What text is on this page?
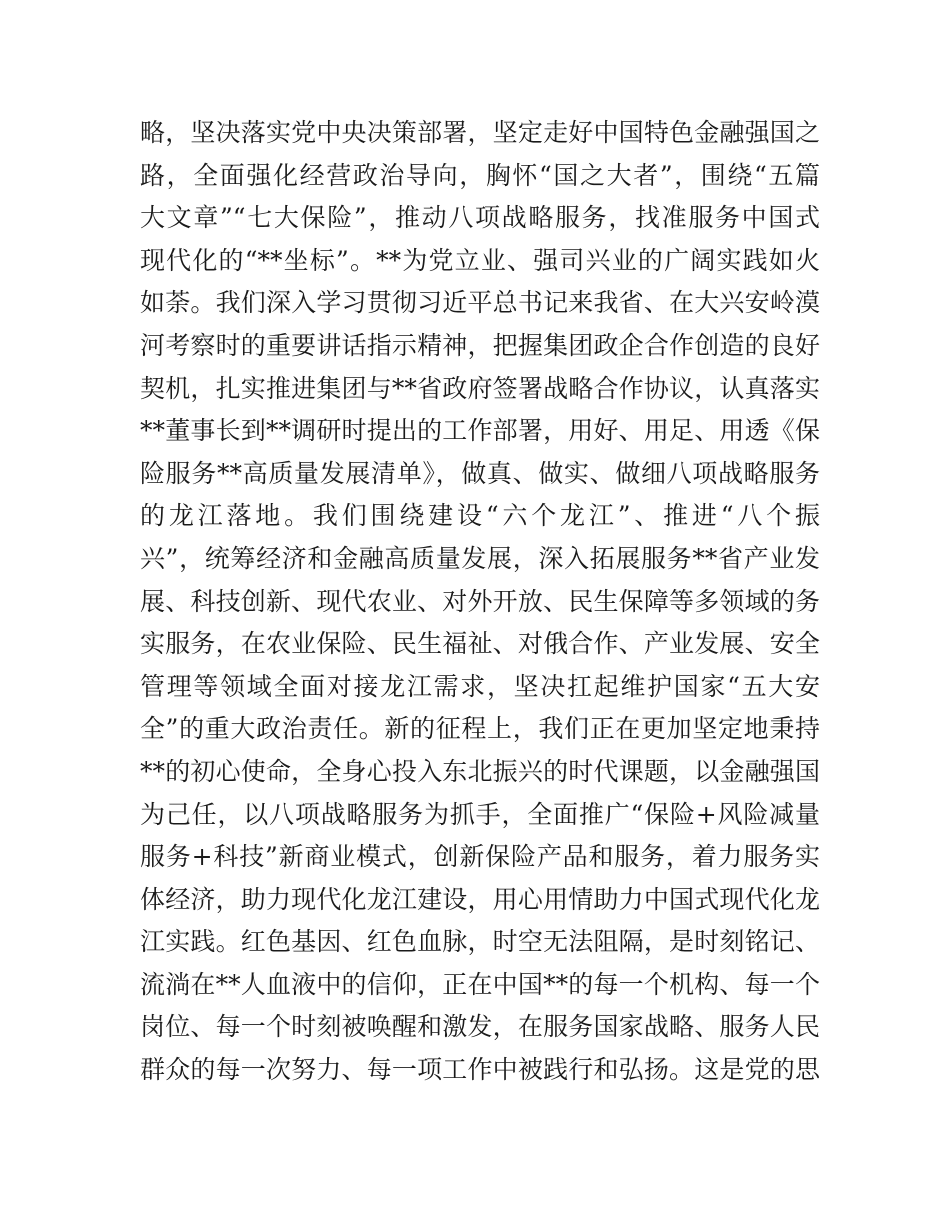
略，坚决落实党中央决策部署，坚定走好中国特色金融强国之
路，全面强化经营政治导向，胸怀“国之大者”，围绕“五篇
大文章”“七大保险”，推动八项战略服务，找准服务中国式
现代化的“**坐标”。**为党立业、强司兴业的广阔实践如火
如荼。我们深入学习贯彻习近平总书记来我省、在大兴安岭漠
河考察时的重要讲话指示精神，把握集团政企合作创造的良好
契机，扎实推进集团与**省政府签署战略合作协议，认真落实
**董事长到**调研时提出的工作部署，用好、用足、用透《保
险服务**高质量发展清单》，做真、做实、做细八项战略服务
的龙江落地。我们围绕建设“六个龙江”、推进“八个振
兴”，统筹经济和金融高质量发展，深入拓展服务**省产业发
展、科技创新、现代农业、对外开放、民生保障等多领域的务
实服务，在农业保险、民生福祉、对俄合作、产业发展、安全
管理等领域全面对接龙江需求，坚决扛起维护国家“五大安
全”的重大政治责任。新的征程上，我们正在更加坚定地秉持
**的初心使命，全身心投入东北振兴的时代课题，以金融强国
为己任，以八项战略服务为抓手，全面推广“保险+风险减量
服务+科技”新商业模式，创新保险产品和服务，着力服务实
体经济，助力现代化龙江建设，用心用情助力中国式现代化龙
江实践。红色基因、红色血脉，时空无法阻隔，是时刻铭记、
流淌在**人血液中的信仰，正在中国**的每一个机构、每一个
岗位、每一个时刻被唤醒和激发，在服务国家战略、服务人民
群众的每一次努力、每一项工作中被践行和弘扬。这是党的思
